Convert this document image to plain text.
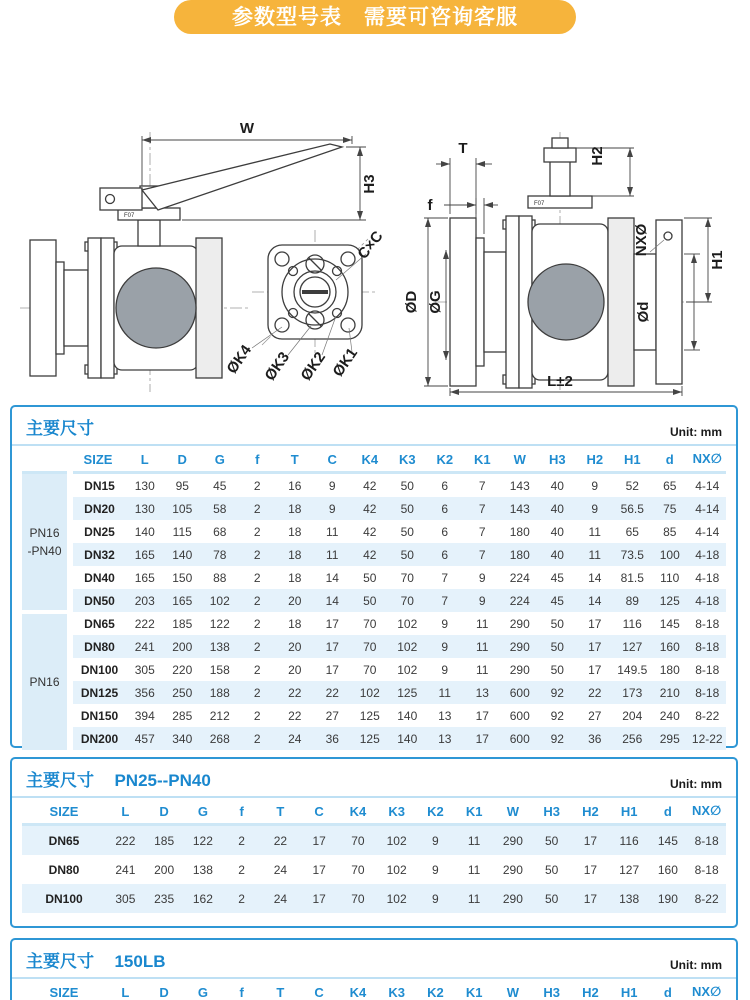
参数型号表　需要可咨询客服
F07
W
H3
C×C
ØK4 ØK3 ØK2 ØK1
F07
T
f
H2
NXØ
H1
ØD ØG	Ød
L±2
主要尺寸	Unit: mm
	SIZE	L	D	G	f	T	C	K4	K3	K2	K1	W	H3	H2	H1	d	NX∅

PN16
-PN40	DN15	130	95	45	2	16	9	42	50	6	7	143	40	9	52	65	4-14
	DN20	130	105	58	2	18	9	42	50	6	7	143	40	9	56.5	75	4-14
	DN25	140	115	68	2	18	11	42	50	6	7	180	40	11	65	85	4-14
	DN32	165	140	78	2	18	11	42	50	6	7	180	40	11	73.5	100	4-18
	DN40	165	150	88	2	18	14	50	70	7	9	224	45	14	81.5	110	4-18
	DN50	203	165	102	2	20	14	50	70	7	9	224	45	14	89	125	4-18

PN16	DN65	222	185	122	2	18	17	70	102	9	11	290	50	17	116	145	8-18
	DN80	241	200	138	2	20	17	70	102	9	11	290	50	17	127	160	8-18
	DN100	305	220	158	2	20	17	70	102	9	11	290	50	17	149.5	180	8-18
	DN125	356	250	188	2	22	22	102	125	11	13	600	92	22	173	210	8-18
	DN150	394	285	212	2	22	27	125	140	13	17	600	92	27	204	240	8-22
	DN200	457	340	268	2	24	36	125	140	13	17	600	92	36	256	295	12-22
主要尺寸 PN25--PN40	Unit: mm
SIZE	L	D	G	f	T	C	K4	K3	K2	K1	W	H3	H2	H1	d	NX∅
DN65	222	185	122	2	22	17	70	102	9	11	290	50	17	116	145	8-18
DN80	241	200	138	2	24	17	70	102	9	11	290	50	17	127	160	8-18
DN100	305	235	162	2	24	17	70	102	9	11	290	50	17	138	190	8-22
主要尺寸 150LB	Unit: mm
SIZE	L	D	G	f	T	C	K4	K3	K2	K1	W	H3	H2	H1	d	NX∅
